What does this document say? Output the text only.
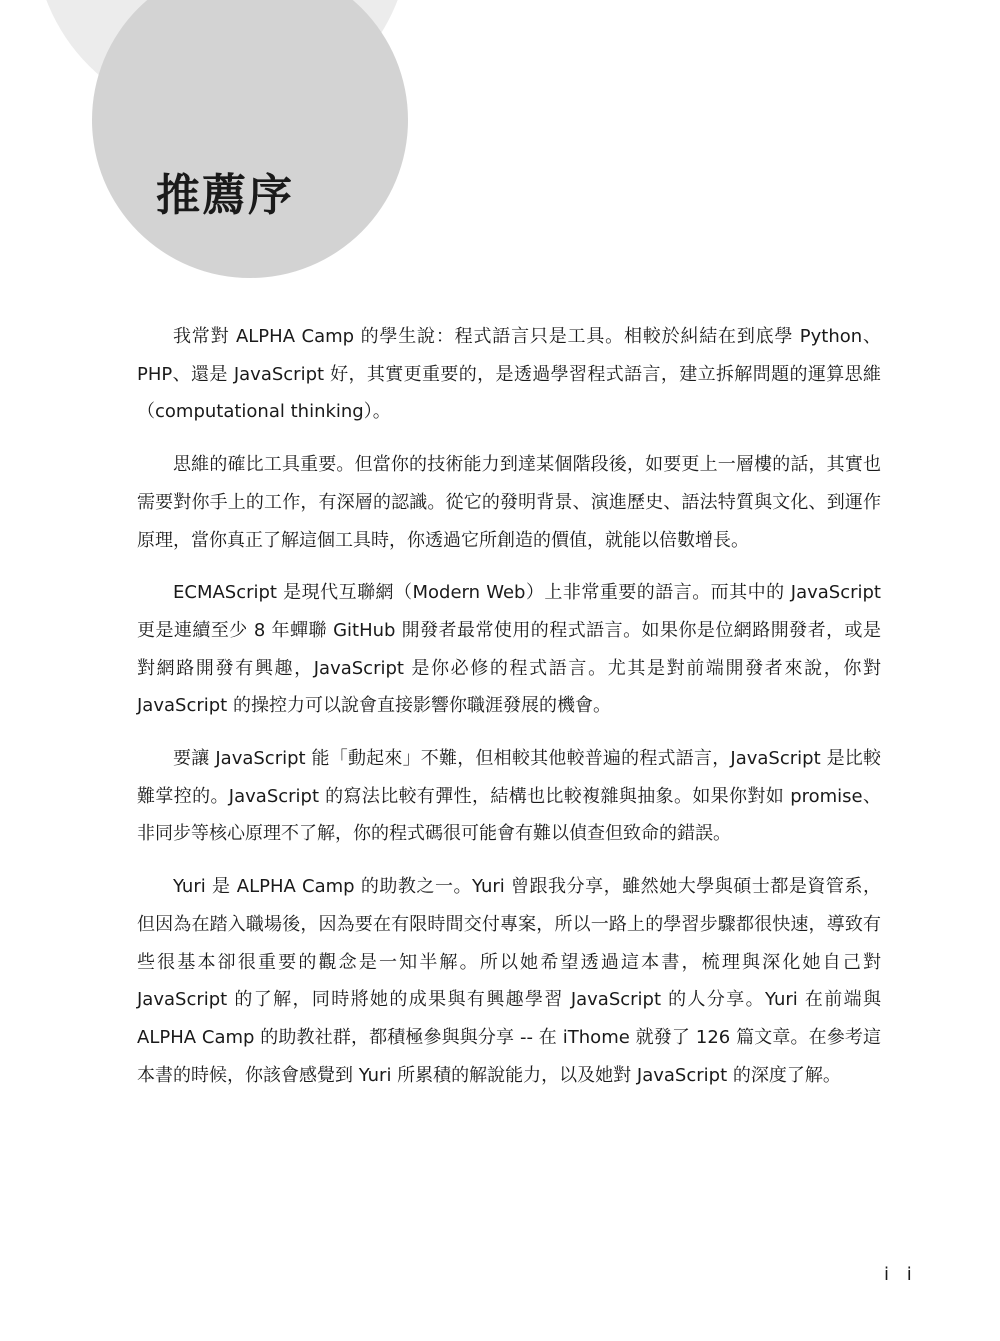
推薦序

我常對 ALPHA Camp 的學生說：程式語言只是工具。相較於糾結在到底學 Python、PHP、還是 JavaScript 好，其實更重要的，是透過學習程式語言，建立拆解問題的運算思維（computational thinking）。

思維的確比工具重要。但當你的技術能力到達某個階段後，如要更上一層樓的話，其實也需要對你手上的工作，有深層的認識。從它的發明背景、演進歷史、語法特質與文化、到運作原理，當你真正了解這個工具時，你透過它所創造的價值，就能以倍數增長。

ECMAScript 是現代互聯網（Modern Web）上非常重要的語言。而其中的 JavaScript 更是連續至少 8 年蟬聯 GitHub 開發者最常使用的程式語言。如果你是位網路開發者，或是對網路開發有興趣，JavaScript 是你必修的程式語言。尤其是對前端開發者來說，你對 JavaScript 的操控力可以說會直接影響你職涯發展的機會。

要讓 JavaScript 能「動起來」不難，但相較其他較普遍的程式語言，JavaScript 是比較難掌控的。JavaScript 的寫法比較有彈性，結構也比較複雜與抽象。如果你對如 promise、非同步等核心原理不了解，你的程式碼很可能會有難以偵查但致命的錯誤。

Yuri 是 ALPHA Camp 的助教之一。Yuri 曾跟我分享，雖然她大學與碩士都是資管系，但因為在踏入職場後，因為要在有限時間交付專案，所以一路上的學習步驟都很快速，導致有些很基本卻很重要的觀念是一知半解。所以她希望透過這本書，梳理與深化她自己對 JavaScript 的了解，同時將她的成果與有興趣學習 JavaScript 的人分享。Yuri 在前端與 ALPHA Camp 的助教社群，都積極參與與分享 -- 在 iThome 就發了 126 篇文章。在參考這本書的時候，你該會感覺到 Yuri 所累積的解說能力，以及她對 JavaScript 的深度了解。

i i
